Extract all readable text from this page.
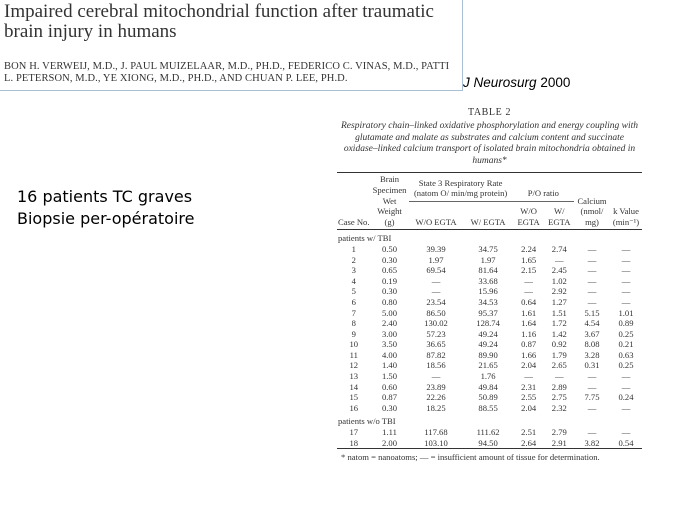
Impaired cerebral mitochondrial function after traumatic brain injury in humans
BON H. VERWEIJ, M.D., J. PAUL MUIZELAAR, M.D., PH.D., FEDERICO C. VINAS, M.D., PATTI L. PETERSON, M.D., YE XIONG, M.D., PH.D., AND CHUAN P. LEE, PH.D.	J Neurosurg 2000
16 patients TC graves
Biopsie per-opératoire
TABLE 2
Respiratory chain–linked oxidative phosphorylation and energy coupling with glutamate and malate as substrates and calcium content and succinate oxidase–linked calcium transport of isolated brain mitochondria obtained in humans*
Case No.	Brain Specimen Wet Weight (g)	State 3 Respiratory Rate (natom O/ min/mg protein)		P/O ratio		Calcium (nmol/ mg)	k Value (min⁻¹)
		W/O EGTA	W/ EGTA	W/O EGTA	W/ EGTA		

patients w/ TBI							
1	0.50	39.39	34.75	2.24	2.74	—	—
2	0.30	1.97	1.97	1.65	—	—	—
3	0.65	69.54	81.64	2.15	2.45	—	—
4	0.19	—	33.68	—	1.02	—	—
5	0.30	—	15.96	—	2.92	—	—
6	0.80	23.54	34.53	0.64	1.27	—	—
7	5.00	86.50	95.37	1.61	1.51	5.15	1.01
8	2.40	130.02	128.74	1.64	1.72	4.54	0.89
9	3.00	57.23	49.24	1.16	1.42	3.67	0.25
10	3.50	36.65	49.24	0.87	0.92	8.08	0.21
11	4.00	87.82	89.90	1.66	1.79	3.28	0.63
12	1.40	18.56	21.65	2.04	2.65	0.31	0.25
13	1.50	—	1.76	—	—	—	—
14	0.60	23.89	49.84	2.31	2.89	—	—
15	0.87	22.26	50.89	2.55	2.75	7.75	0.24
16	0.30	18.25	88.55	2.04	2.32	—	—
patients w/o TBI							
17	1.11	117.68	111.62	2.51	2.79	—	—
18	2.00	103.10	94.50	2.64	2.91	3.82	0.54
* natom = nanoatoms; — = insufficient amount of tissue for determination.
